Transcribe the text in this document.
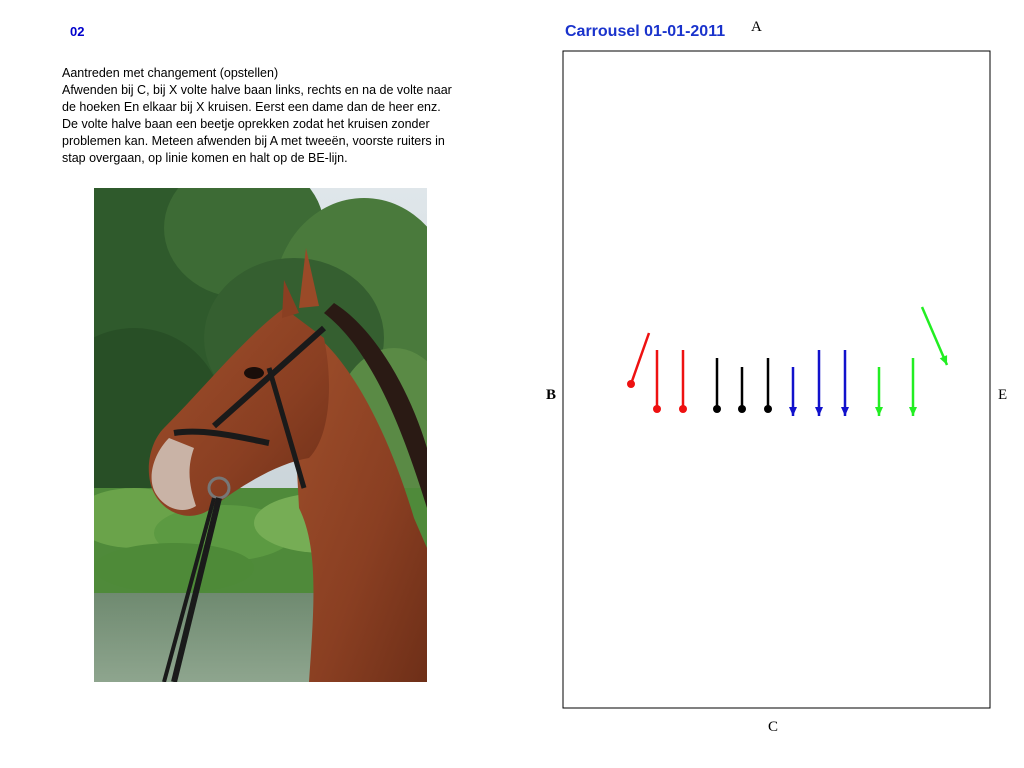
02
Aantreden met changement (opstellen)
Afwenden bij C, bij X volte halve baan links, rechts en na de volte naar
de hoeken En elkaar bij X kruisen. Eerst een dame dan de heer enz.
De volte halve baan een beetje oprekken zodat het kruisen zonder
problemen kan. Meteen afwenden bij A met tweeën, voorste ruiters in
stap overgaan, op linie komen en halt op de BE-lijn.
Carrousel 01-01-2011 A
C
B	E
